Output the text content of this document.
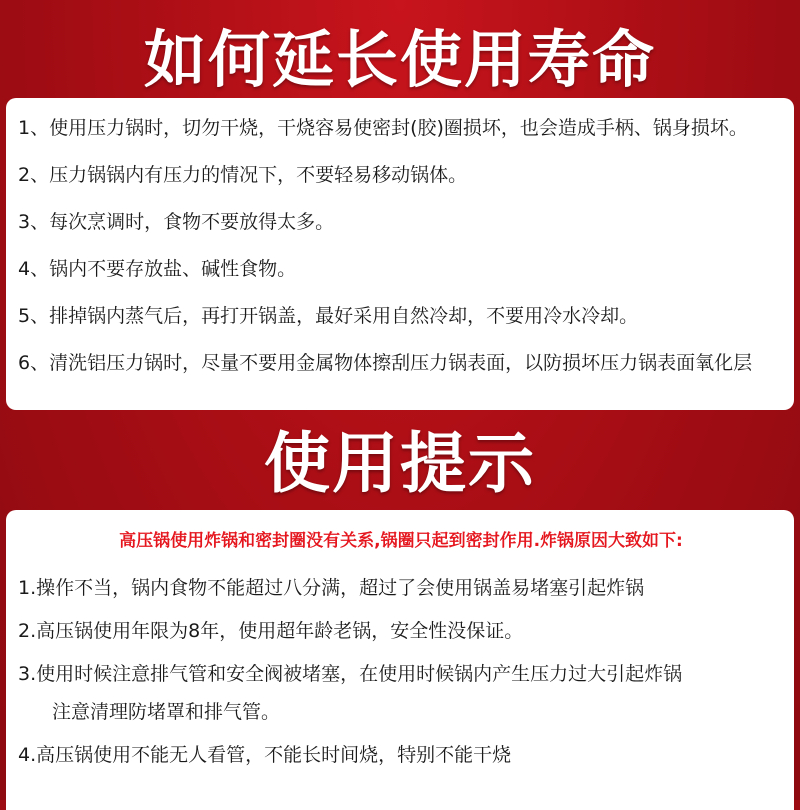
如何延长使用寿命
1、使用压力锅时，切勿干烧，干烧容易使密封(胶)圈损坏，也会造成手柄、锅身损坏。
2、压力锅锅内有压力的情况下，不要轻易移动锅体。
3、每次烹调时，食物不要放得太多。
4、锅内不要存放盐、碱性食物。
5、排掉锅内蒸气后，再打开锅盖，最好采用自然冷却，不要用冷水冷却。
6、清洗铝压力锅时，尽量不要用金属物体擦刮压力锅表面，以防损坏压力锅表面氧化层
使用提示
高压锅使用炸锅和密封圈没有关系,锅圈只起到密封作用.炸锅原因大致如下:
1.操作不当，锅内食物不能超过八分满，超过了会使用锅盖易堵塞引起炸锅
2.高压锅使用年限为8年，使用超年龄老锅，安全性没保证。
3.使用时候注意排气管和安全阀被堵塞，在使用时候锅内产生压力过大引起炸锅
注意清理防堵罩和排气管。
4.高压锅使用不能无人看管，不能长时间烧，特别不能干烧
